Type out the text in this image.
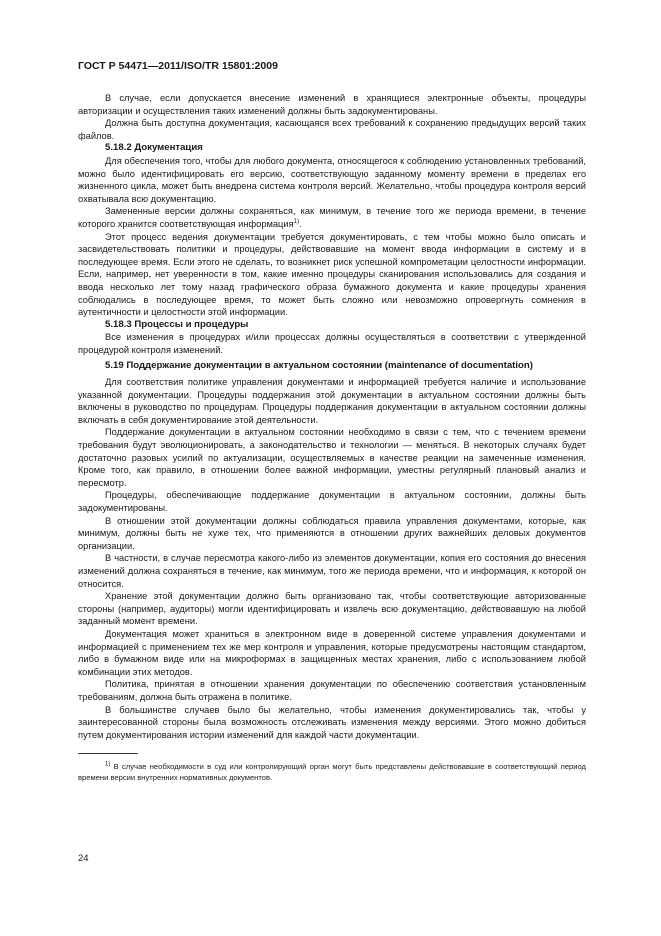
ГОСТ Р 54471—2011/ISO/TR 15801:2009

В случае, если допускается внесение изменений в хранящиеся электронные объекты, процедуры авторизации и осуществления таких изменений должны быть задокументированы.

Должна быть доступна документация, касающаяся всех требований к сохранению предыдущих версий таких файлов.

5.18.2 Документация

Для обеспечения того, чтобы для любого документа, относящегося к соблюдению установленных требований, можно было идентифицировать его версию, соответствующую заданному моменту времени в пределах его жизненного цикла, может быть внедрена система контроля версий. Желательно, чтобы процедура контроля версий охватывала всю документацию.

Замененные версии должны сохраняться, как минимум, в течение того же периода времени, в течение которого хранится соответствующая информация$^{1)}$.

Этот процесс ведения документации требуется документировать, с тем чтобы можно было описать и засвидетельствовать политики и процедуры, действовавшие на момент ввода информации в систему и в последующее время. Если этого не сделать, то возникнет риск успешной компрометации целостности информации. Если, например, нет уверенности в том, какие именно процедуры сканирования использовались для создания и ввода несколько лет тому назад графического образа бумажного документа и какие процедуры хранения соблюдались в последующее время, то может быть сложно или невозможно опровергнуть сомнения в аутентичности и целостности этой информации.

5.18.3 Процессы и процедуры

Все изменения в процедурах и/или процессах должны осуществляться в соответствии с утвержденной процедурой контроля изменений.

5.19 Поддержание документации в актуальном состоянии (maintenance of documentation)

Для соответствия политике управления документами и информацией требуется наличие и использование указанной документации. Процедуры поддержания этой документации в актуальном состоянии должны быть включены в руководство по процедурам. Процедуры поддержания документации в актуальном состоянии должны включать в себя документирование этой деятельности.

Поддержание документации в актуальном состоянии необходимо в связи с тем, что с течением времени требования будут эволюционировать, а законодательство и технологии — меняться. В некоторых случаях будет достаточно разовых усилий по актуализации, осуществляемых в качестве реакции на замеченные изменения. Кроме того, как правило, в отношении более важной информации, уместны регулярный плановый анализ и пересмотр.

Процедуры, обеспечивающие поддержание документации в актуальном состоянии, должны быть задокументированы.

В отношении этой документации должны соблюдаться правила управления документами, которые, как минимум, должны быть не хуже тех, что применяются в отношении других важнейших деловых документов организации.

В частности, в случае пересмотра какого-либо из элементов документации, копия его состояния до внесения изменений должна сохраняться в течение, как минимум, того же периода времени, что и информация, к которой он относится.

Хранение этой документации должно быть организовано так, чтобы соответствующие авторизованные стороны (например, аудиторы) могли идентифицировать и извлечь всю документацию, действовавшую на любой заданный момент времени.

Документация может храниться в электронном виде в доверенной системе управления документами и информацией с применением тех же мер контроля и управления, которые предусмотрены настоящим стандартом, либо в бумажном виде или на микроформах в защищенных местах хранения, либо с использованием любой комбинации этих методов.

Политика, принятая в отношении хранения документации по обеспечению соответствия установленным требованиям, должна быть отражена в политике.

В большинстве случаев было бы желательно, чтобы изменения документировались так, чтобы у заинтересованной стороны была возможность отслеживать изменения между версиями. Этого можно добиться путем документирования истории изменений для каждой части документации.

$^{1)}$ В случае необходимости в суд или контролирующий орган могут быть представлены действовавшие в соответствующий период времени версии внутренних нормативных документов.

24
